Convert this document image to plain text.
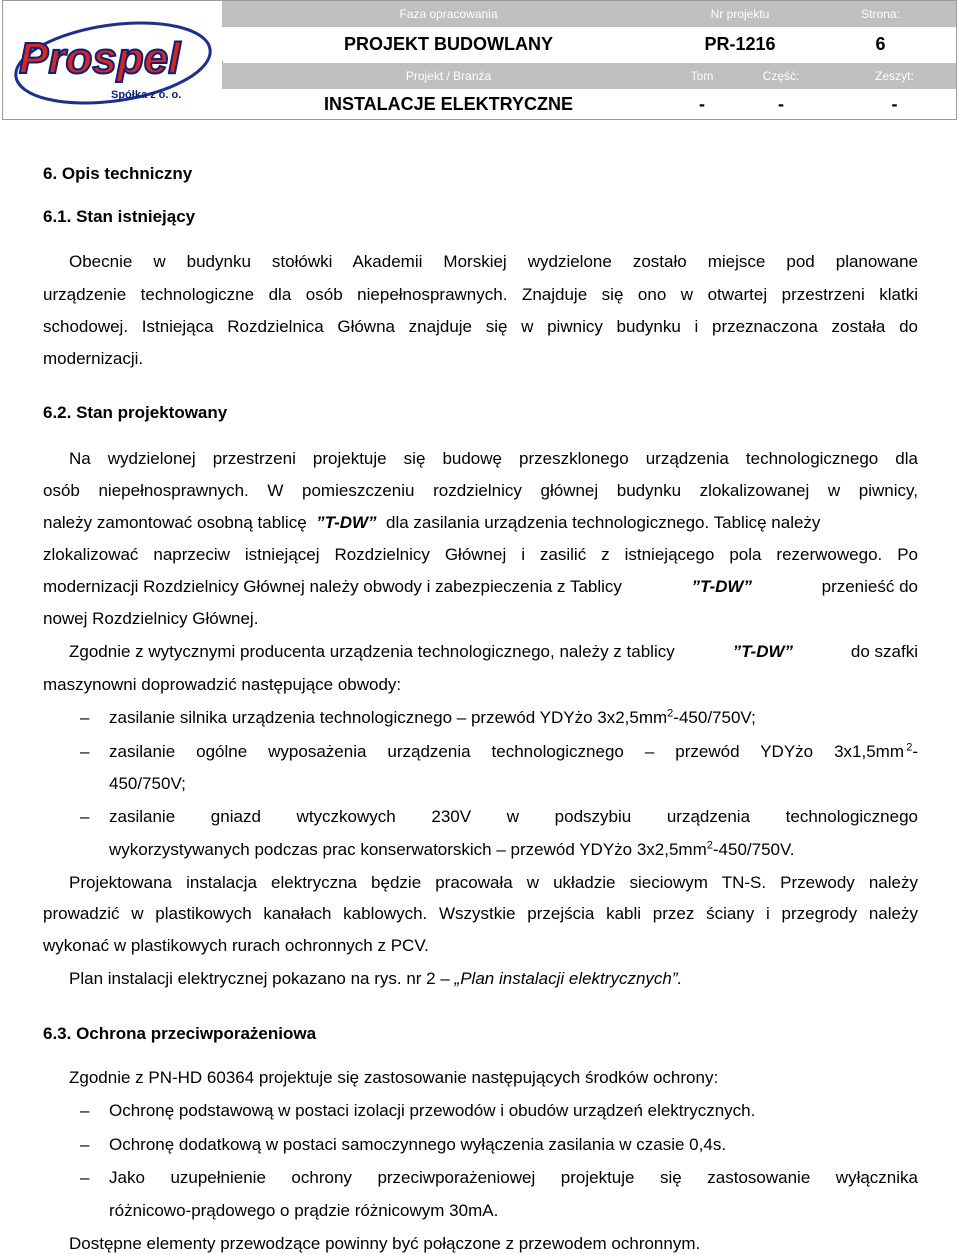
Prospel
Spółka z o. o.
Faza opracowania	Nr projektu	Strona:
PROJEKT BUDOWLANY	PR-1216	6
Projekt / Branża	Tom	Część:	Zeszyt:
INSTALACJE ELEKTRYCZNE	-	-	-
6. Opis techniczny
6.1. Stan istniejący
Obecnie w budynku stołówki Akademii Morskiej wydzielone zostało miejsce pod planowane
urządzenie technologiczne dla osób niepełnosprawnych. Znajduje się ono w otwartej przestrzeni klatki
schodowej. Istniejąca Rozdzielnica Główna znajduje się w piwnicy budynku i przeznaczona została do
modernizacji.
6.2. Stan projektowany
Na wydzielonej przestrzeni projektuje się budowę przeszklonego urządzenia technologicznego dla
osób niepełnosprawnych. W pomieszczeniu rozdzielnicy głównej budynku zlokalizowanej w piwnicy,
należy zamontować osobną tablicę ”T-DW” dla zasilania urządzenia technologicznego. Tablicę należy
zlokalizować naprzeciw istniejącej Rozdzielnicy Głównej i zasilić z istniejącego pola rezerwowego. Po
modernizacji Rozdzielnicy Głównej należy obwody i zabezpieczenia z Tablicy	”T-DW”	przenieść do
nowej Rozdzielnicy Głównej.
Zgodnie z wytycznymi producenta urządzenia technologicznego, należy z tablicy	”T-DW”	do szafki
maszynowni doprowadzić następujące obwody:
– zasilanie silnika urządzenia technologicznego – przewód YDYżo $3x2,5mm^2-450/750V$;
– zasilanie ogólne wyposażenia urządzenia technologicznego – przewód YDYżo 3x1,5mm $^2$-
450/750V;
– zasilanie gniazd wtyczkowych 230V w podszybiu urządzenia technologicznego
wykorzystywanych podczas prac konserwatorskich – przewód YDYżo $3x2,5mm^2-450/750V$.
Projektowana instalacja elektryczna będzie pracowała w układzie sieciowym TN-S. Przewody należy
prowadzić w plastikowych kanałach kablowych. Wszystkie przejścia kabli przez ściany i przegrody należy
wykonać w plastikowych rurach ochronnych z PCV.
Plan instalacji elektrycznej pokazano na rys. nr 2 – „Plan instalacji elektrycznych”.
6.3. Ochrona przeciwporażeniowa
Zgodnie z PN-HD 60364 projektuje się zastosowanie następujących środków ochrony:
– Ochronę podstawową w postaci izolacji przewodów i obudów urządzeń elektrycznych.
– Ochronę dodatkową w postaci samoczynnego wyłączenia zasilania w czasie 0,4s.
– Jako uzupełnienie ochrony przeciwporażeniowej projektuje się zastosowanie wyłącznika
różnicowo-prądowego o prądzie różnicowym 30mA.
Dostępne elementy przewodzące powinny być połączone z przewodem ochronnym.
